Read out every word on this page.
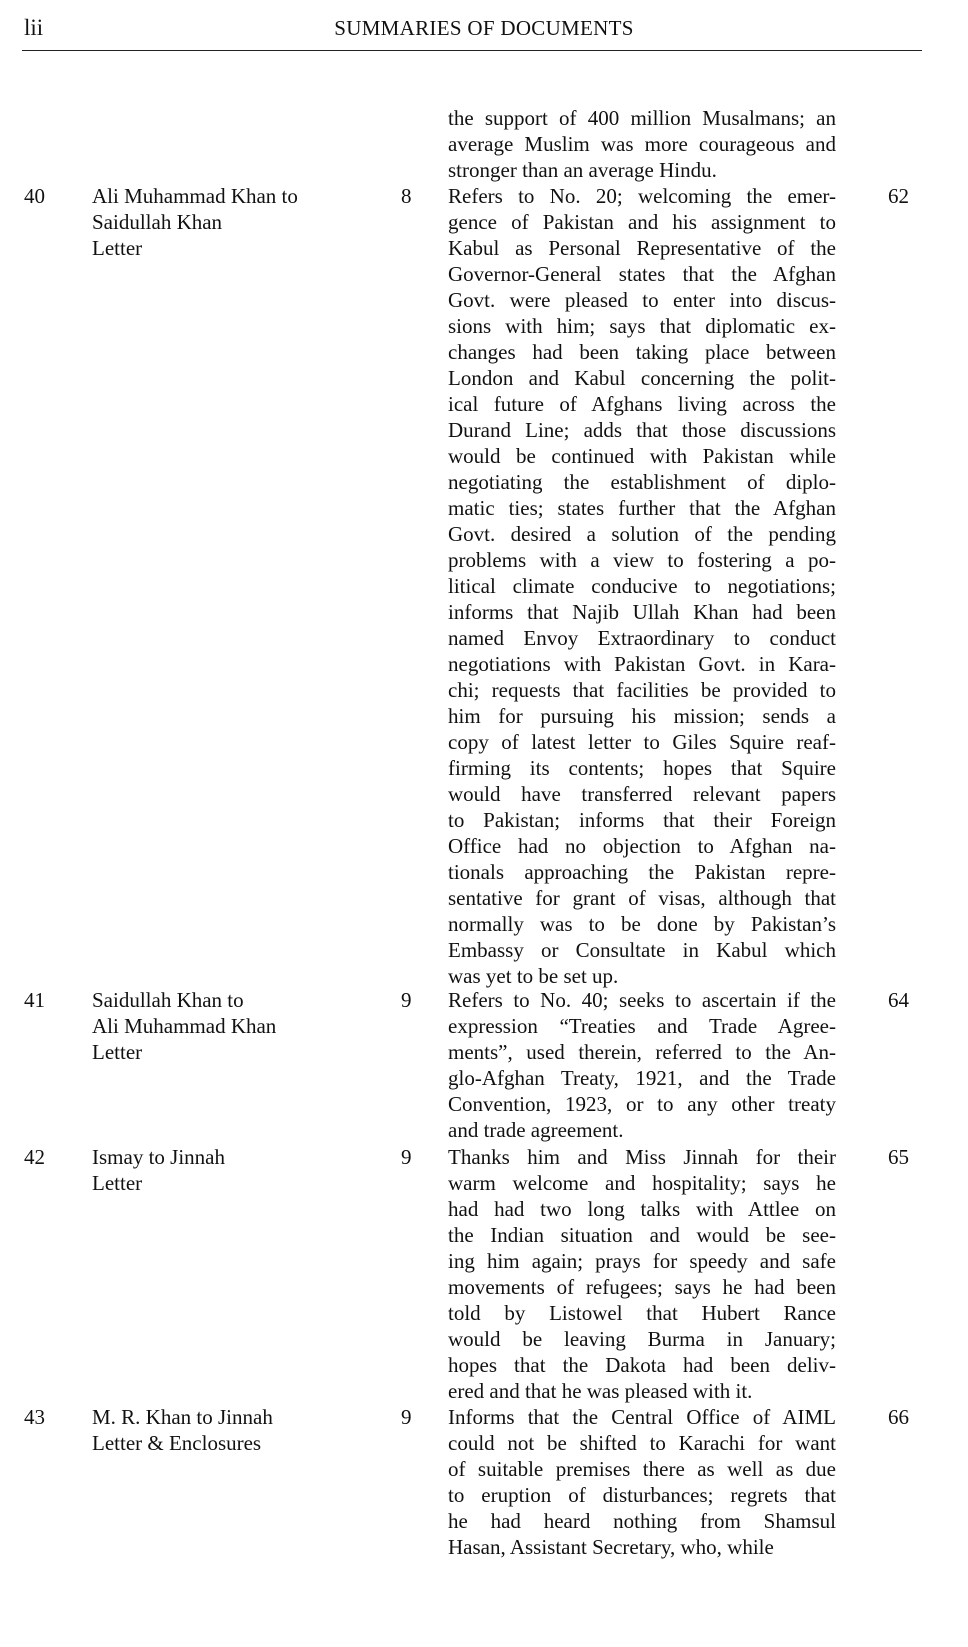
lii	SUMMARIES OF DOCUMENTS
the support of 400 million Musalmans; an
average Muslim was more courageous and
stronger than an average Hindu.
40 Ali Muhammad Khan to
Saidullah Khan
Letter
8 Refers to No. 20; welcoming the emer-
gence of Pakistan and his assignment to
Kabul as Personal Representative of the
Governor-General states that the Afghan
Govt. were pleased to enter into discus-
sions with him; says that diplomatic ex-
changes had been taking place between
London and Kabul concerning the polit-
ical future of Afghans living across the
Durand Line; adds that those discussions
would be continued with Pakistan while
negotiating the establishment of diplo-
matic ties; states further that the Afghan
Govt. desired a solution of the pending
problems with a view to fostering a po-
litical climate conducive to negotiations;
informs that Najib Ullah Khan had been
named Envoy Extraordinary to conduct
negotiations with Pakistan Govt. in Kara-
chi; requests that facilities be provided to
him for pursuing his mission; sends a
copy of latest letter to Giles Squire reaf-
firming its contents; hopes that Squire
would have transferred relevant papers
to Pakistan; informs that their Foreign
Office had no objection to Afghan na-
tionals approaching the Pakistan repre-
sentative for grant of visas, although that
normally was to be done by Pakistan’s
Embassy or Consultate in Kabul which
was yet to be set up.
62
41 Saidullah Khan to
Ali Muhammad Khan
Letter
9 Refers to No. 40; seeks to ascertain if the
expression “Treaties and Trade Agree-
ments”, used therein, referred to the An-
glo-Afghan Treaty, 1921, and the Trade
Convention, 1923, or to any other treaty
and trade agreement.
64
42 Ismay to Jinnah
Letter
9 Thanks him and Miss Jinnah for their
warm welcome and hospitality; says he
had had two long talks with Attlee on
the Indian situation and would be see-
ing him again; prays for speedy and safe
movements of refugees; says he had been
told by Listowel that Hubert Rance
would be leaving Burma in January;
hopes that the Dakota had been deliv-
ered and that he was pleased with it.
65
43 M. R. Khan to Jinnah
Letter & Enclosures
9 Informs that the Central Office of AIML
could not be shifted to Karachi for want
of suitable premises there as well as due
to eruption of disturbances; regrets that
he had heard nothing from Shamsul
Hasan, Assistant Secretary, who, while
66
